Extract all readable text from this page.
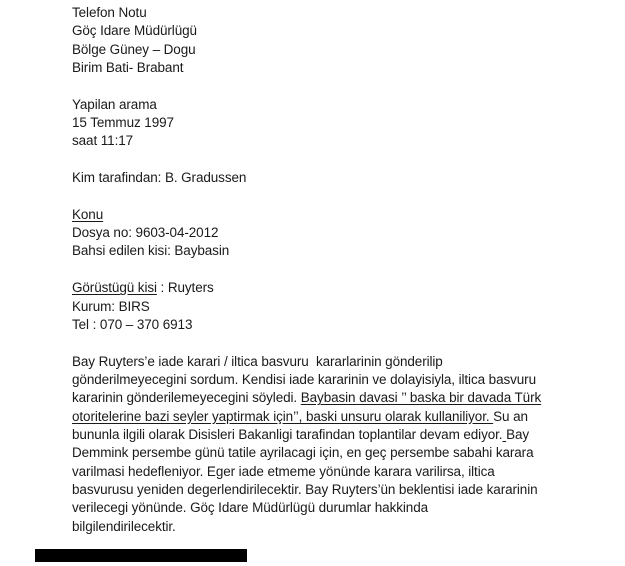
Telefon Notu
Göç Idare Müdürlügü
Bölge Güney – Dogu
Birim Bati- Brabant
Yapilan arama
15 Temmuz 1997
saat 11:17
Kim tarafindan: B. Gradussen
Konu
Dosya no: 9603-04-2012
Bahsi edilen kisi: Baybasin
Görüstügü kisi : Ruyters
Kurum: BIRS
Tel : 070 – 370 6913
Bay Ruyters’e iade karari / iltica basvuru  kararlarinin gönderilip
gönderilmeyecegini sordum. Kendisi iade kararinin ve dolayisiyla, iltica basvuru
kararinin gönderilemeyecegini söyledi. Baybasin davasi ’’ baska bir davada Türk
otoritelerine bazi seyler yaptirmak için’’, baski unsuru olarak kullaniliyor. Su an
bununla ilgili olarak Disisleri Bakanligi tarafindan toplantilar devam ediyor. Bay
Demmink persembe günü tatile ayrilacagi için, en geç persembe sabahi karara
varilmasi hedefleniyor. Eger iade etmeme yönünde karara varilirsa, iltica
basvurusu yeniden degerlendirilecektir. Bay Ruyters’ün beklentisi iade kararinin
verilecegi yönünde. Göç Idare Müdürlügü durumlar hakkinda
bilgilendirilecektir.
